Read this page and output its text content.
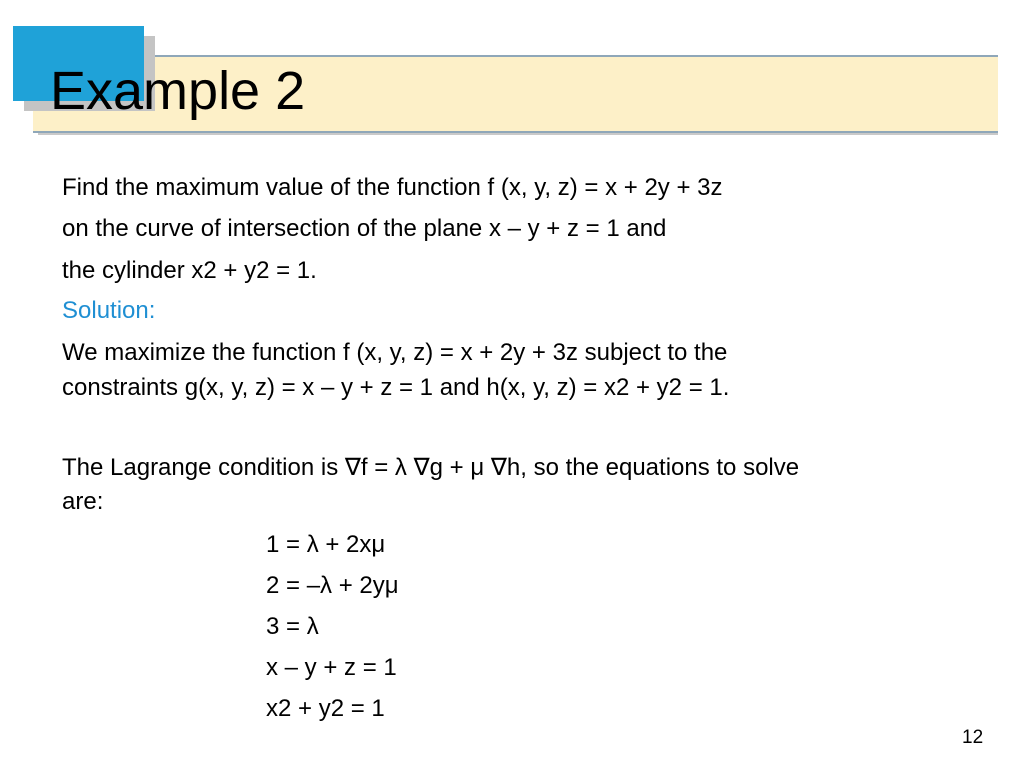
Example 2

Find the maximum value of the function f (x, y, z) = x + 2y + 3z

on the curve of intersection of the plane x – y + z = 1 and

the cylinder x2 + y2 = 1.

Solution:

We maximize the function f (x, y, z) = x + 2y + 3z subject to the

constraints g(x, y, z) = x – y + z = 1 and h(x, y, z) = x2 + y2 = 1.

The Lagrange condition is ∇f = λ ∇g + μ ∇h, so the equations to solve

are:

1 = λ + 2xμ

2 = –λ + 2yμ

3 = λ

x – y + z = 1

x2 + y2 = 1

12
